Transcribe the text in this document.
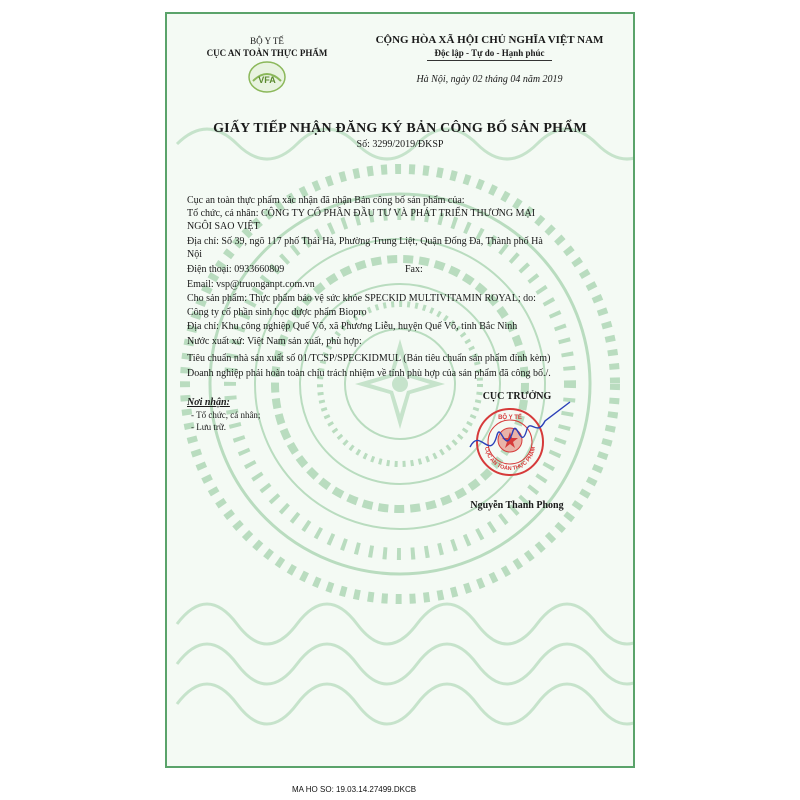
BỘ Y TẾ
CỤC AN TOÀN THỰC PHẨM
VFA
CỘNG HÒA XÃ HỘI CHỦ NGHĨA VIỆT NAM
Độc lập - Tự do - Hạnh phúc
Hà Nội, ngày 02 tháng 04 năm 2019
GIẤY TIẾP NHẬN ĐĂNG KÝ BẢN CÔNG BỐ SẢN PHẨM
Số: 3299/2019/ĐKSP
Cục an toàn thực phẩm xác nhận đã nhận Bản công bố sản phẩm của:
Tổ chức, cá nhân: CÔNG TY CỔ PHẦN ĐẦU TƯ VÀ PHÁT TRIỂN THƯƠNG MẠI
NGÔI SAO VIỆT
Địa chỉ: Số 39, ngõ 117 phố Thái Hà, Phường Trung Liệt, Quận Đống Đa, Thành phố Hà
Nội
Điện thoại: 0933660809	Fax:
Email: vsp@truonganpt.com.vn
Cho sản phẩm: Thực phẩm bảo vệ sức khỏe SPECKID MULTIVITAMIN ROYAL; do:
Công ty cổ phần sinh học dược phẩm Biopro
Địa chỉ: Khu công nghiệp Quế Võ, xã Phương Liễu, huyện Quế Võ, tỉnh Bắc Ninh
Nước xuất xứ: Việt Nam sản xuất, phù hợp:
Tiêu chuẩn nhà sản xuất số 01/TCSP/SPECKIDMUL (Bản tiêu chuẩn sản phẩm đính kèm)
Doanh nghiệp phải hoàn toàn chịu trách nhiệm về tính phù hợp của sản phẩm đã công bố./.
Nơi nhận:
- Tổ chức, cá nhân;
- Lưu trữ.
CỤC TRƯỞNG
BỘ Y TẾ
CỤC AN TOÀN THỰC PHẨM
Nguyễn Thanh Phong
MA HO SO: 19.03.14.27499.DKCB
